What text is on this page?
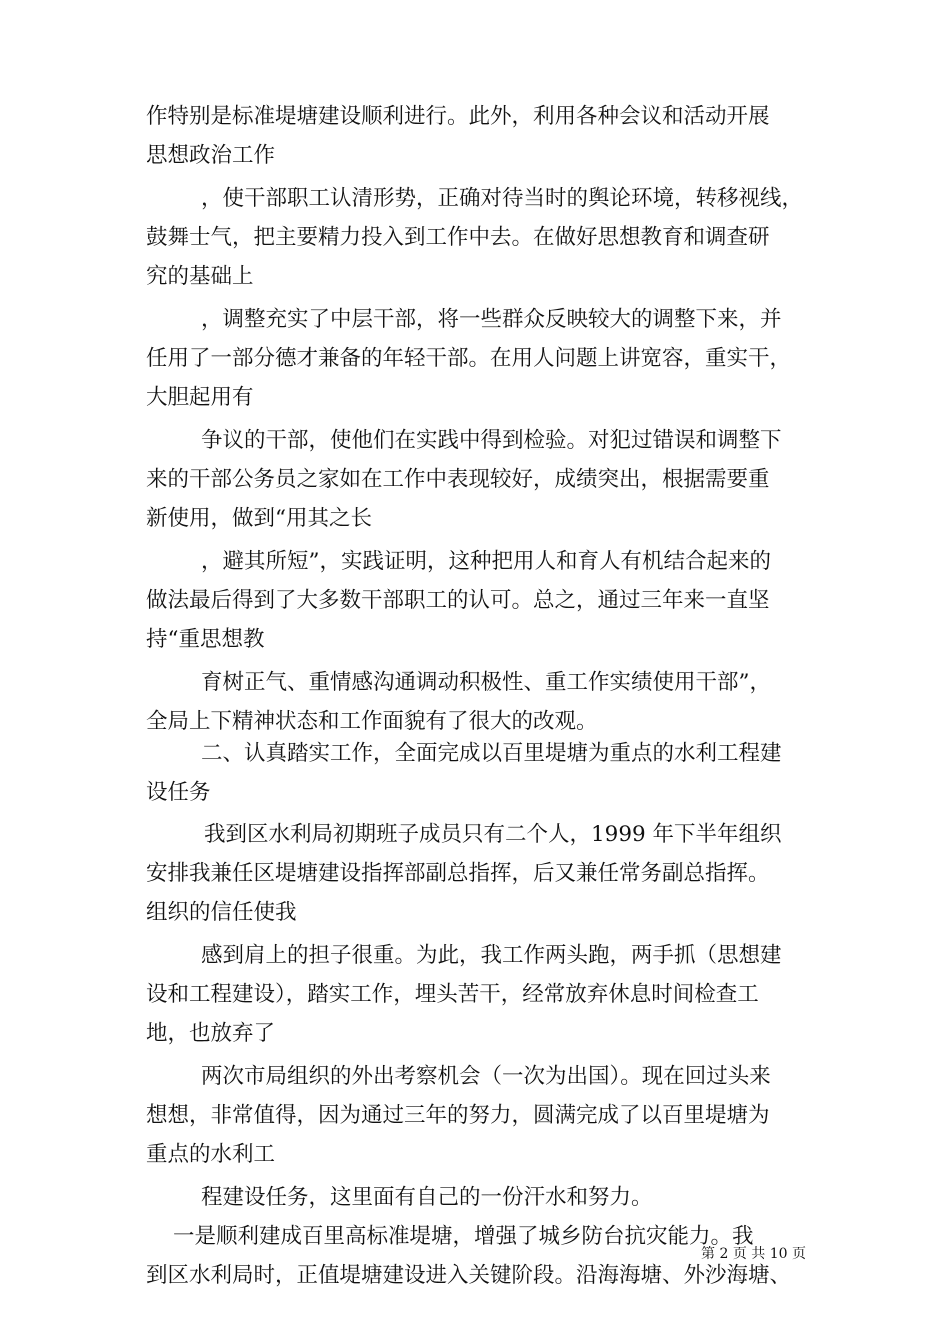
作特别是标准堤塘建设顺利进行。此外，利用各种会议和活动开展
思想政治工作
，使干部职工认清形势，正确对待当时的舆论环境，转移视线，
鼓舞士气，把主要精力投入到工作中去。在做好思想教育和调查研
究的基础上
，调整充实了中层干部，将一些群众反映较大的调整下来，并
任用了一部分德才兼备的年轻干部。在用人问题上讲宽容，重实干，
大胆起用有
争议的干部，使他们在实践中得到检验。对犯过错误和调整下
来的干部公务员之家如在工作中表现较好，成绩突出，根据需要重
新使用，做到“用其之长
，避其所短”，实践证明，这种把用人和育人有机结合起来的
做法最后得到了大多数干部职工的认可。总之，通过三年来一直坚
持“重思想教
育树正气、重情感沟通调动积极性、重工作实绩使用干部”，
全局上下精神状态和工作面貌有了很大的改观。
二、认真踏实工作，全面完成以百里堤塘为重点的水利工程建
设任务
我到区水利局初期班子成员只有二个人，1999 年下半年组织
安排我兼任区堤塘建设指挥部副总指挥，后又兼任常务副总指挥。
组织的信任使我
感到肩上的担子很重。为此，我工作两头跑，两手抓（思想建
设和工程建设），踏实工作，埋头苦干，经常放弃休息时间检查工
地，也放弃了
两次市局组织的外出考察机会（一次为出国）。现在回过头来
想想，非常值得，因为通过三年的努力，圆满完成了以百里堤塘为
重点的水利工
程建设任务，这里面有自己的一份汗水和努力。
一是顺利建成百里高标准堤塘，增强了城乡防台抗灾能力。我
到区水利局时，正值堤塘建设进入关键阶段。沿海海塘、外沙海塘、
第 2 页 共 10 页
